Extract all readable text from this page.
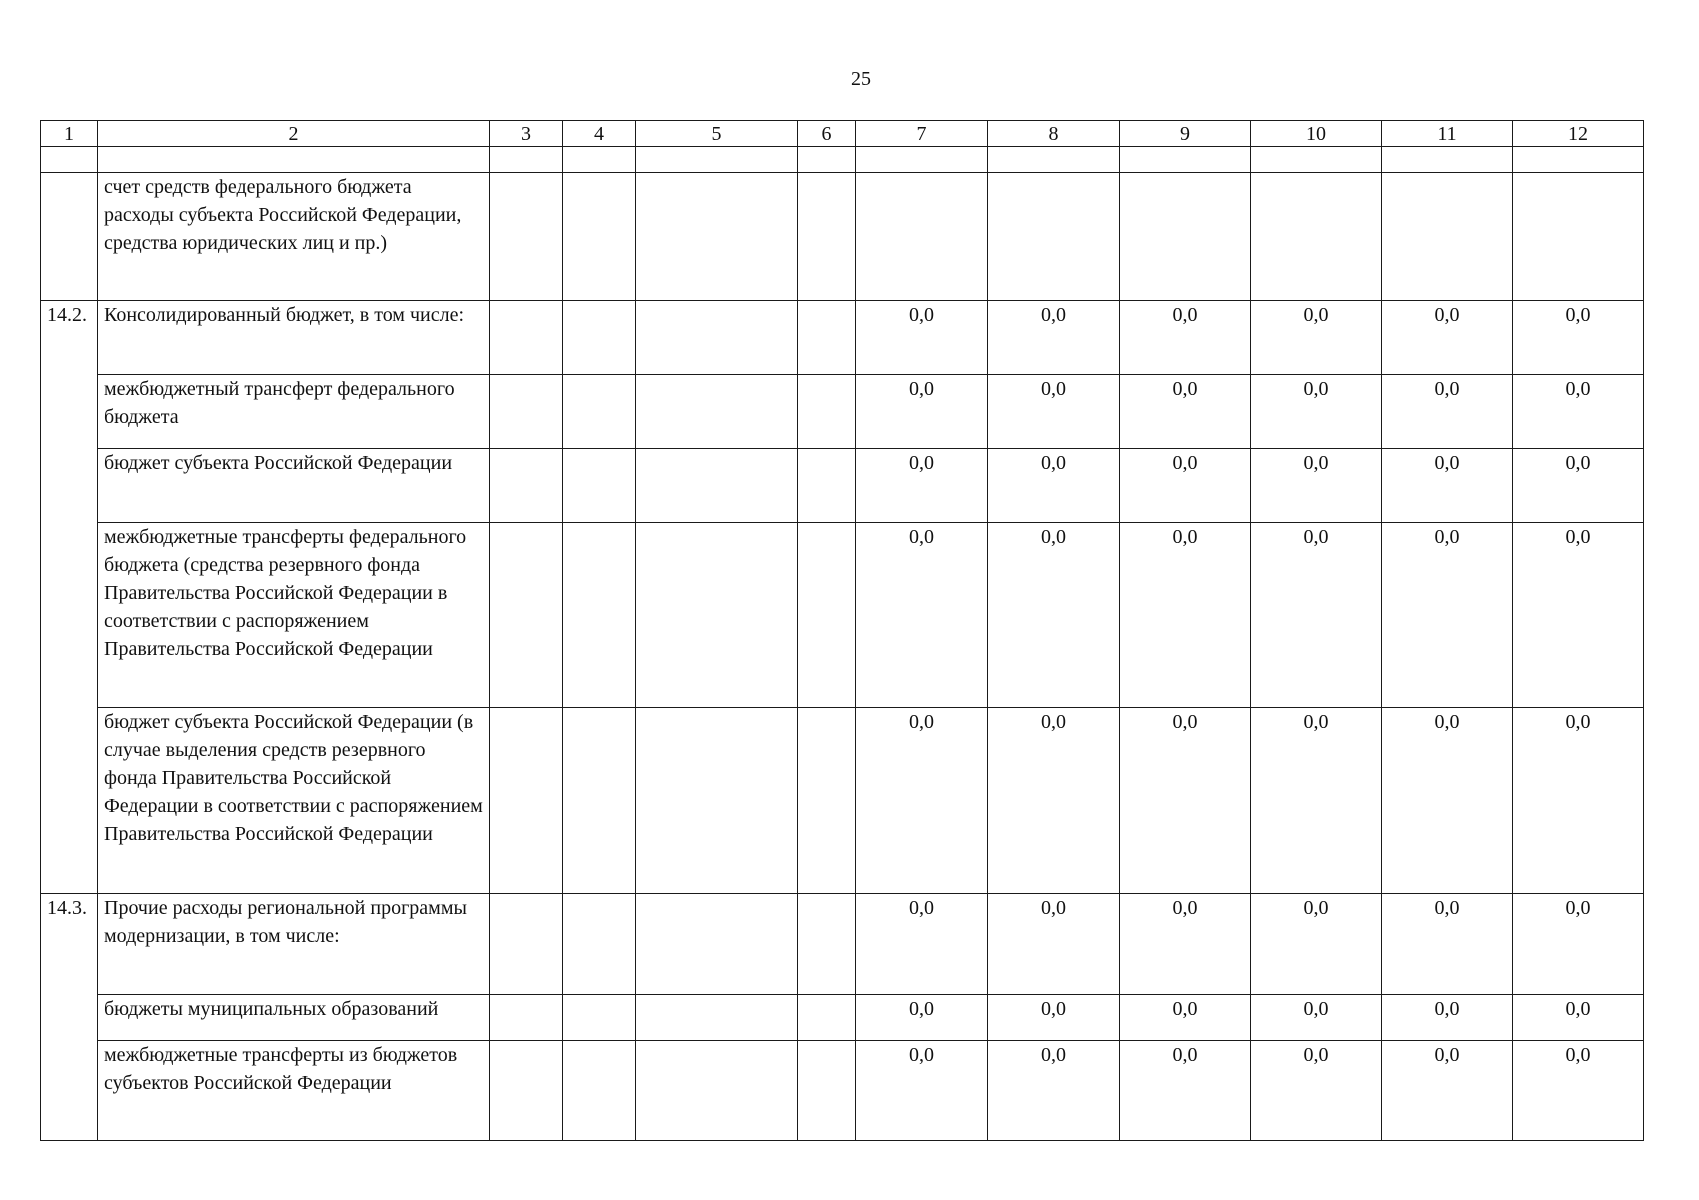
25
1	2	3	4	5	6	7	8	9	10	11	12

	счет средств федерального бюджета расходы субъекта Российской Федерации, средства юридических лиц и пр.)										
14.2.	Консолидированный бюджет, в том числе:					0,0	0,0	0,0	0,0	0,0	0,0
	межбюджетный трансферт федерального бюджета					0,0	0,0	0,0	0,0	0,0	0,0
	бюджет субъекта Российской Федерации					0,0	0,0	0,0	0,0	0,0	0,0
	межбюджетные трансферты федерального бюджета (средства резервного фонда Правительства Российской Федерации в соответствии с распоряжением Правительства Российской Федерации					0,0	0,0	0,0	0,0	0,0	0,0
	бюджет субъекта Российской Федерации (в случае выделения средств резервного фонда Правительства Российской Федерации в соответствии с распоряжением Правительства Российской Федерации					0,0	0,0	0,0	0,0	0,0	0,0
14.3.	Прочие расходы региональной программы модернизации, в том числе:					0,0	0,0	0,0	0,0	0,0	0,0
	бюджеты муниципальных образований					0,0	0,0	0,0	0,0	0,0	0,0
	межбюджетные трансферты из бюджетов субъектов Российской Федерации					0,0	0,0	0,0	0,0	0,0	0,0
